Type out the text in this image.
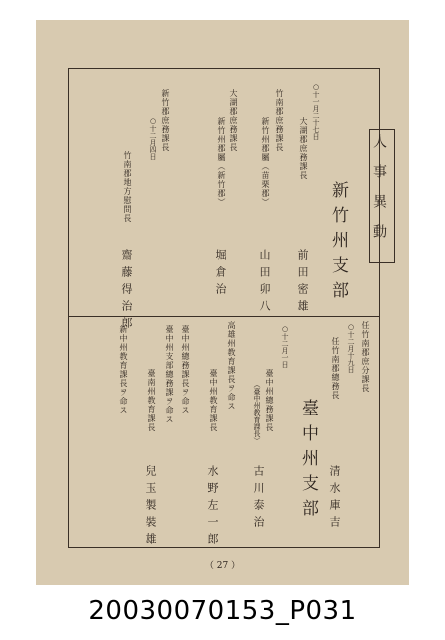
人事異動
新竹州支部
○十一月二十七日
大湖郡庶務課長
前田密雄
竹南郡庶務課長
新竹州郡屬（苗栗郡）
山田卯八
大湖郡庶務課長
新竹州郡屬（新竹郡）
堀倉治
新竹郡庶務課長
○十二月四日
竹南郡地方慰問長
齋藤得治郎
任竹南郡庶分課長
○十二月十九日
任竹南郡總務長
清水庫吉
臺中州支部
○十二月一日
臺中州總務課長
（臺中州教育課長）
古川泰治
高雄州教育課長ヲ命ス
臺中州教育課長
水野左一郎
臺中州總務課長ヲ命ス
臺中州支部總務課ヲ命ス
臺南州教育課長
兒玉製裝雄
新中州教育課長ヲ命ス
（ 27 ）
20030070153_P031
